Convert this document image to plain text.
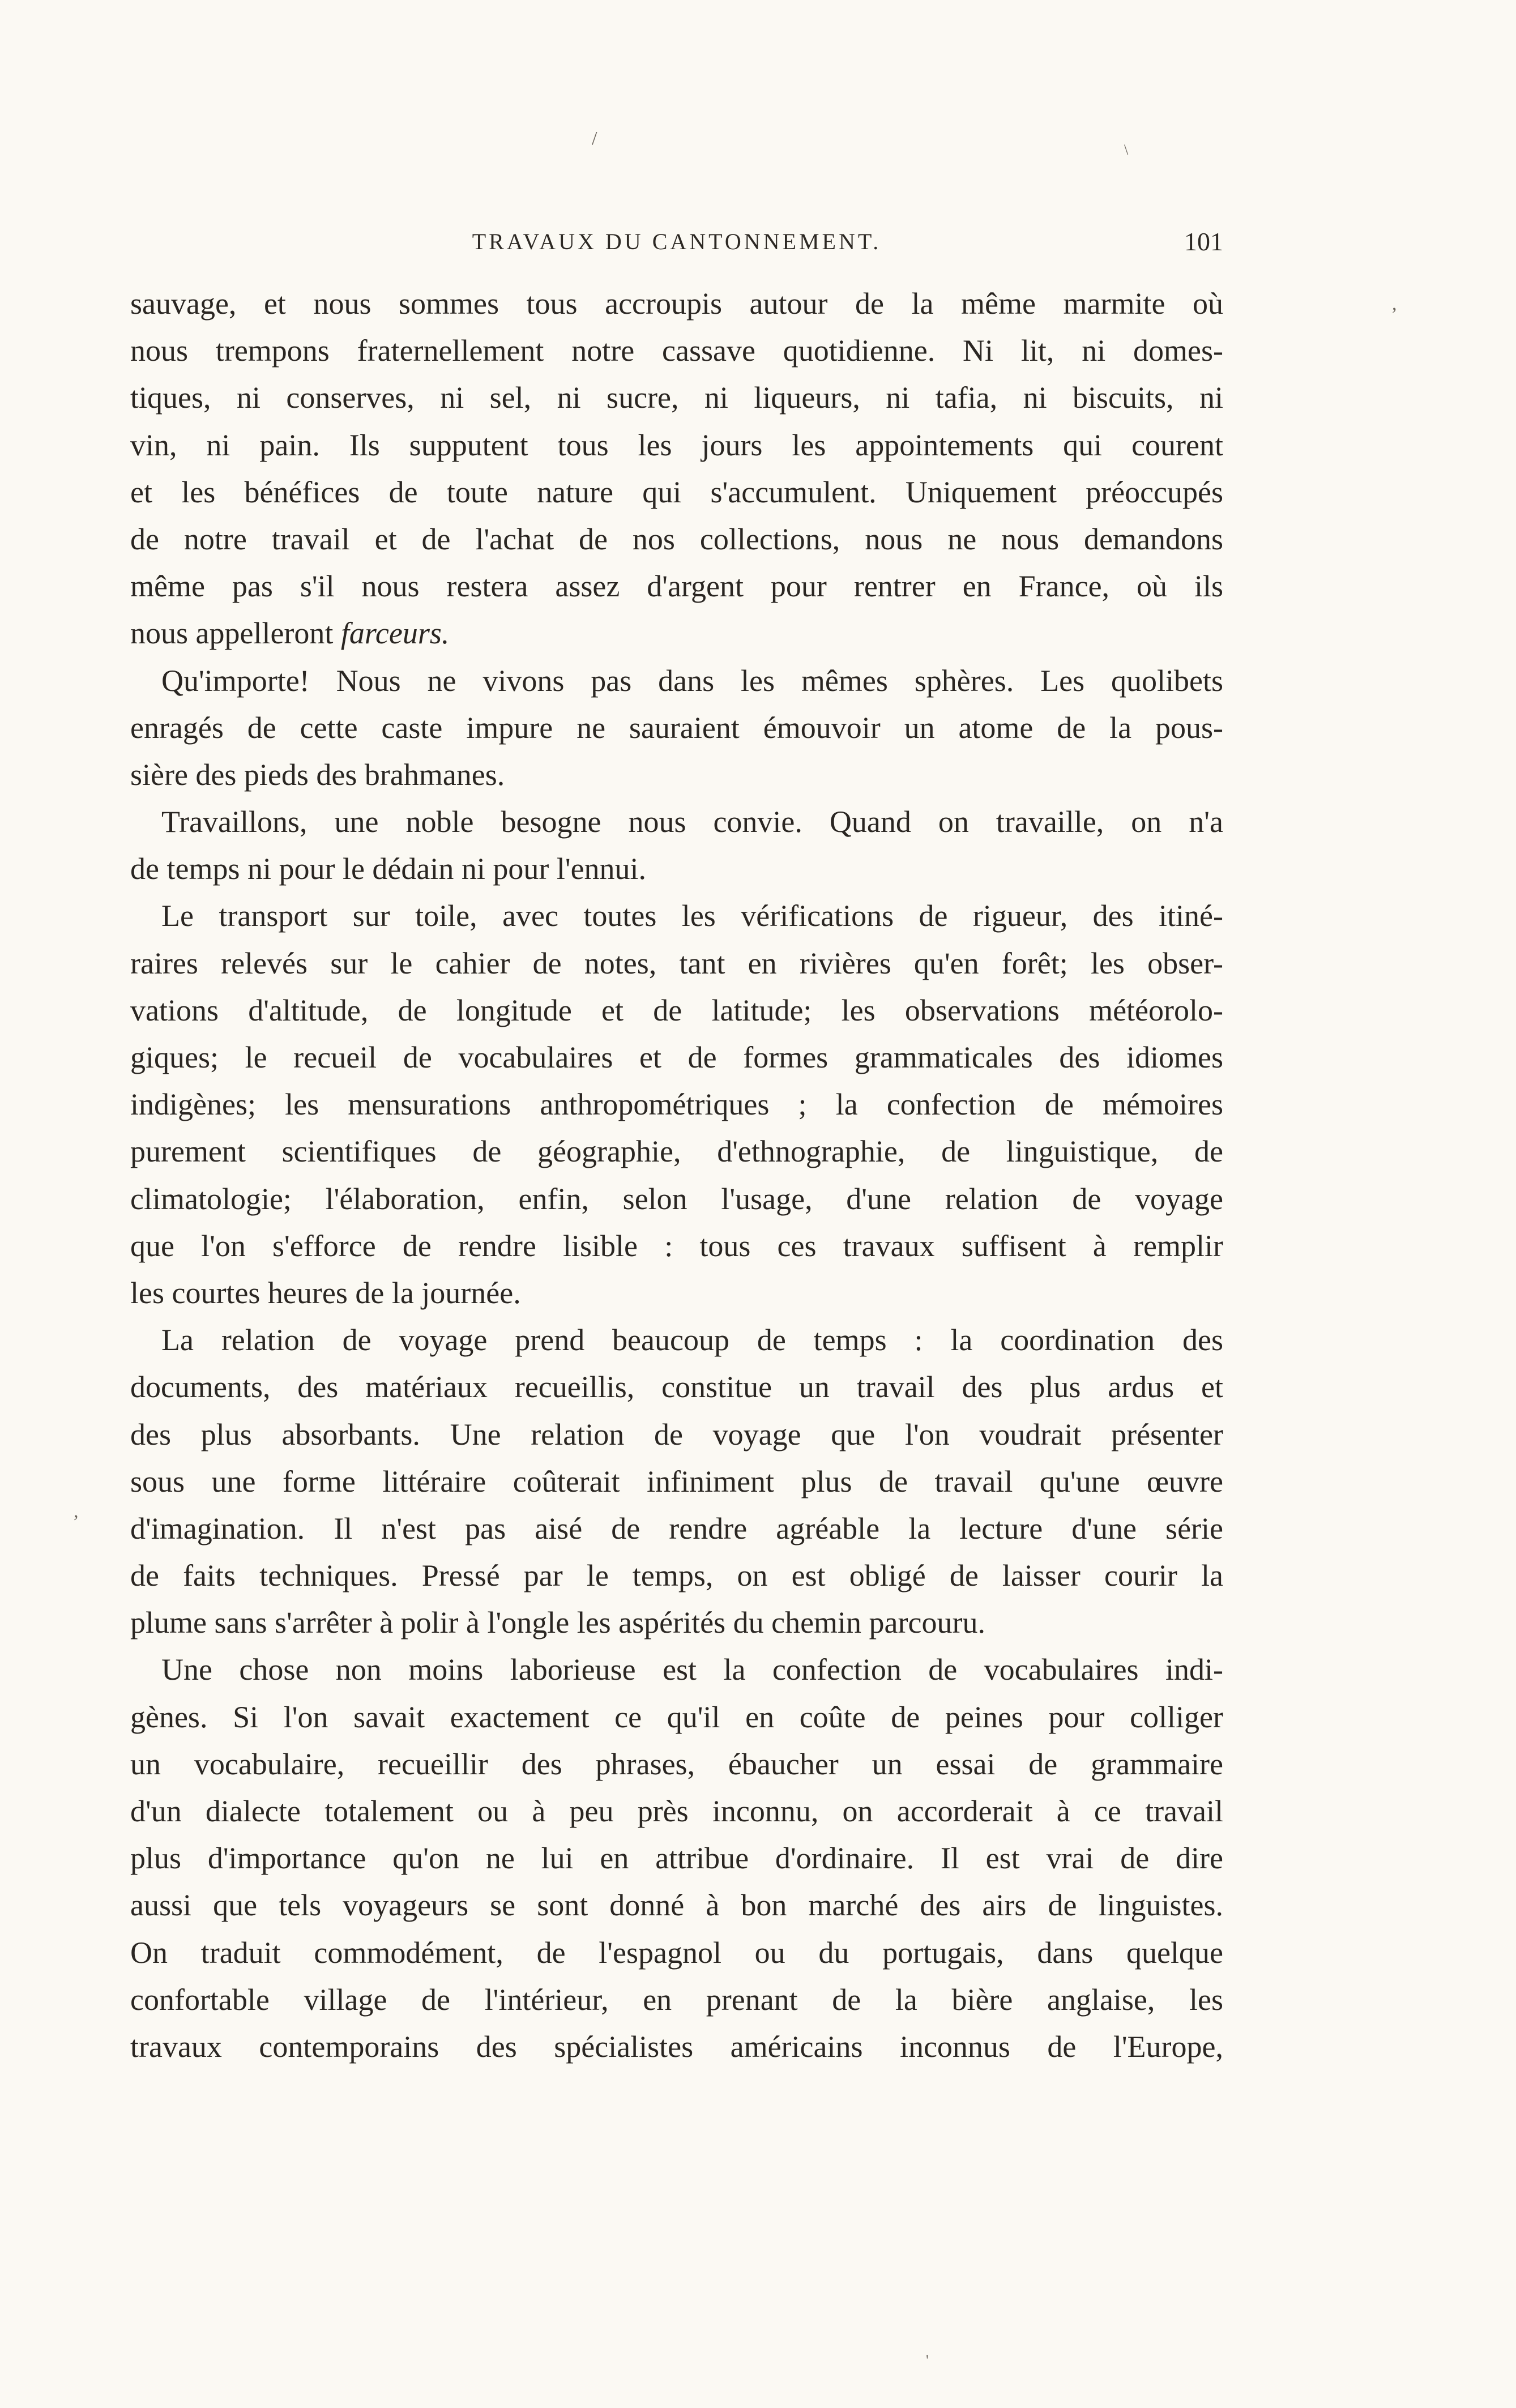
/
\
,
,
'
TRAVAUX DU CANTONNEMENT.	101
sauvage, et nous sommes tous accroupis autour de la même marmite où
nous trempons fraternellement notre cassave quotidienne. Ni lit, ni domes-
tiques, ni conserves, ni sel, ni sucre, ni liqueurs, ni tafia, ni biscuits, ni
vin, ni pain. Ils supputent tous les jours les appointements qui courent
et les bénéfices de toute nature qui s'accumulent. Uniquement préoccupés
de notre travail et de l'achat de nos collections, nous ne nous demandons
même pas s'il nous restera assez d'argent pour rentrer en France, où ils
nous appelleront farceurs.
Qu'importe! Nous ne vivons pas dans les mêmes sphères. Les quolibets
enragés de cette caste impure ne sauraient émouvoir un atome de la pous-
sière des pieds des brahmanes.
Travaillons, une noble besogne nous convie. Quand on travaille, on n'a
de temps ni pour le dédain ni pour l'ennui.
Le transport sur toile, avec toutes les vérifications de rigueur, des itiné-
raires relevés sur le cahier de notes, tant en rivières qu'en forêt; les obser-
vations d'altitude, de longitude et de latitude; les observations météorolo-
giques; le recueil de vocabulaires et de formes grammaticales des idiomes
indigènes; les mensurations anthropométriques ; la confection de mémoires
purement scientifiques de géographie, d'ethnographie, de linguistique, de
climatologie; l'élaboration, enfin, selon l'usage, d'une relation de voyage
que l'on s'efforce de rendre lisible : tous ces travaux suffisent à remplir
les courtes heures de la journée.
La relation de voyage prend beaucoup de temps : la coordination des
documents, des matériaux recueillis, constitue un travail des plus ardus et
des plus absorbants. Une relation de voyage que l'on voudrait présenter
sous une forme littéraire coûterait infiniment plus de travail qu'une œuvre
d'imagination. Il n'est pas aisé de rendre agréable la lecture d'une série
de faits techniques. Pressé par le temps, on est obligé de laisser courir la
plume sans s'arrêter à polir à l'ongle les aspérités du chemin parcouru.
Une chose non moins laborieuse est la confection de vocabulaires indi-
gènes. Si l'on savait exactement ce qu'il en coûte de peines pour colliger
un vocabulaire, recueillir des phrases, ébaucher un essai de grammaire
d'un dialecte totalement ou à peu près inconnu, on accorderait à ce travail
plus d'importance qu'on ne lui en attribue d'ordinaire. Il est vrai de dire
aussi que tels voyageurs se sont donné à bon marché des airs de linguistes.
On traduit commodément, de l'espagnol ou du portugais, dans quelque
confortable village de l'intérieur, en prenant de la bière anglaise, les
travaux contemporains des spécialistes américains inconnus de l'Europe,
